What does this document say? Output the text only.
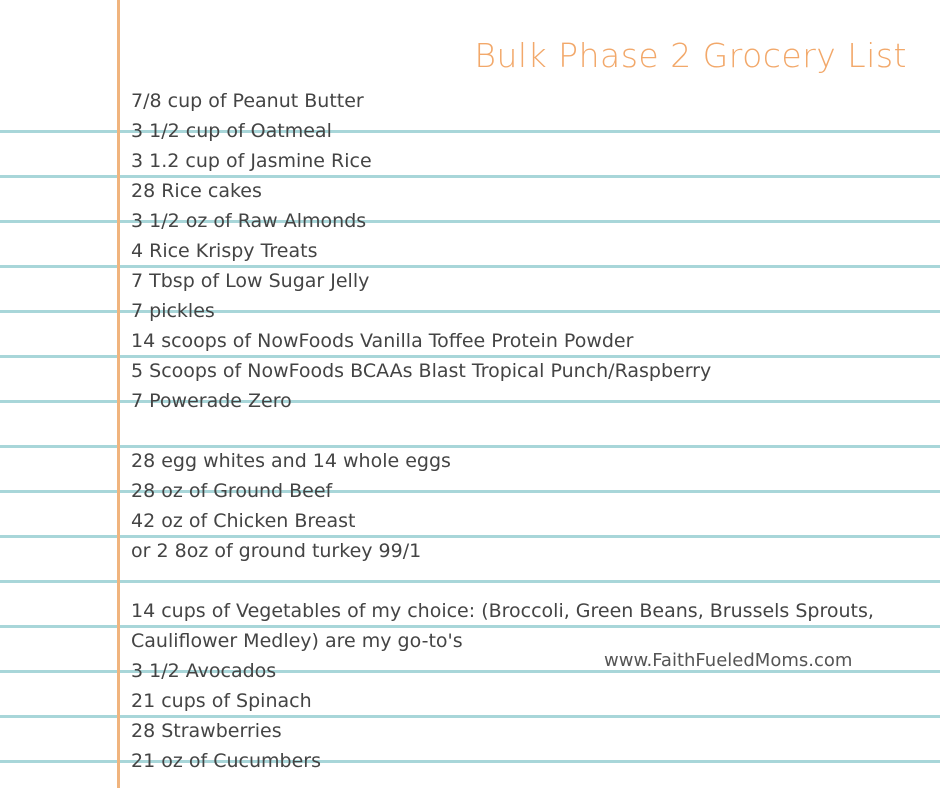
Bulk Phase 2 Grocery List
7/8 cup of Peanut Butter
3 1/2 cup of Oatmeal
3 1.2 cup of Jasmine Rice
28 Rice cakes
3 1/2 oz of Raw Almonds
4 Rice Krispy Treats
7 Tbsp of Low Sugar Jelly
7 pickles
14 scoops of NowFoods Vanilla Toffee Protein Powder
5 Scoops of NowFoods BCAAs Blast Tropical Punch/Raspberry
7 Powerade Zero
28 egg whites and 14 whole eggs
28 oz of Ground Beef
42 oz of Chicken Breast
or 2 8oz of ground turkey 99/1
14 cups of Vegetables of my choice: (Broccoli, Green Beans, Brussels Sprouts,
Cauliflower Medley) are my go-to's
3 1/2 Avocados
21 cups of Spinach
28 Strawberries
21 oz of Cucumbers
www.FaithFueledMoms.com
